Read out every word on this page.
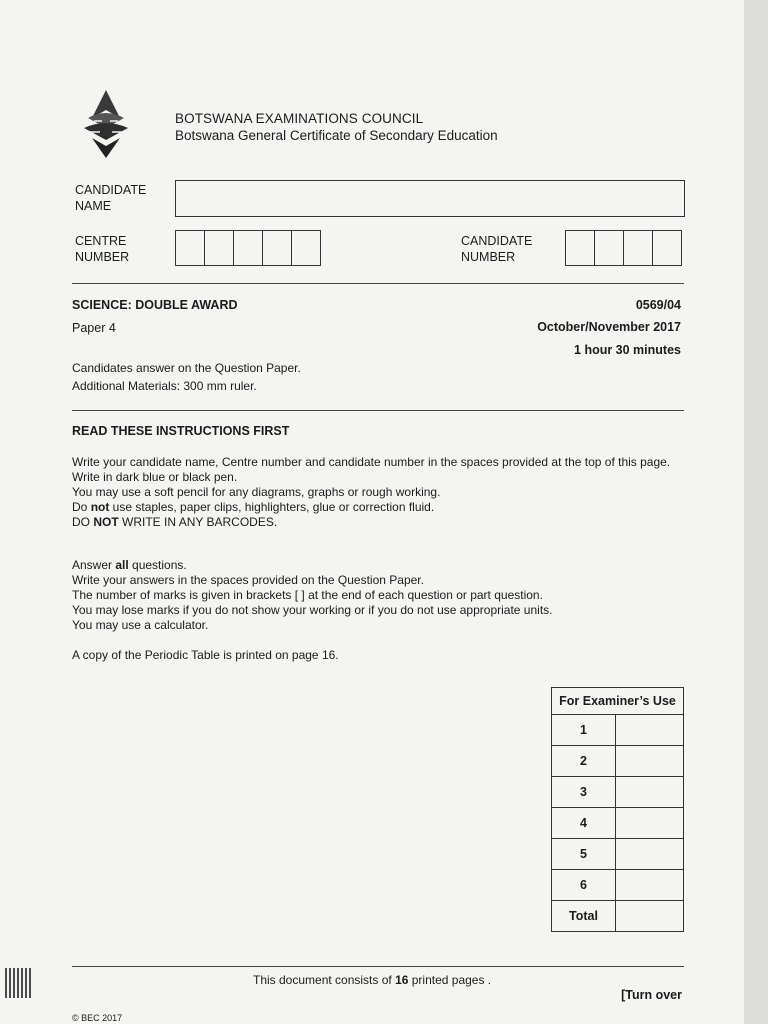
BOTSWANA EXAMINATIONS COUNCIL
Botswana General Certificate of Secondary Education
CANDIDATE
NAME
CENTRE
NUMBER
CANDIDATE
NUMBER
SCIENCE: DOUBLE AWARD	0569/04
Paper 4	October/November 2017
1 hour 30 minutes
Candidates answer on the Question Paper.
Additional Materials: 300 mm ruler.
READ THESE INSTRUCTIONS FIRST
Write your candidate name, Centre number and candidate number in the spaces provided at the top of this page.
Write in dark blue or black pen.
You may use a soft pencil for any diagrams, graphs or rough working.
Do not use staples, paper clips, highlighters, glue or correction fluid.
DO NOT WRITE IN ANY BARCODES.
Answer all questions.
Write your answers in the spaces provided on the Question Paper.
The number of marks is given in brackets [ ] at the end of each question or part question.
You may lose marks if you do not show your working or if you do not use appropriate units.
You may use a calculator.
A copy of the Periodic Table is printed on page 16.
For Examiner’s Use	
1	
2	
3	
4	
5	
6	
Total	
This document consists of 16 printed pages .
[Turn over
© BEC 2017
